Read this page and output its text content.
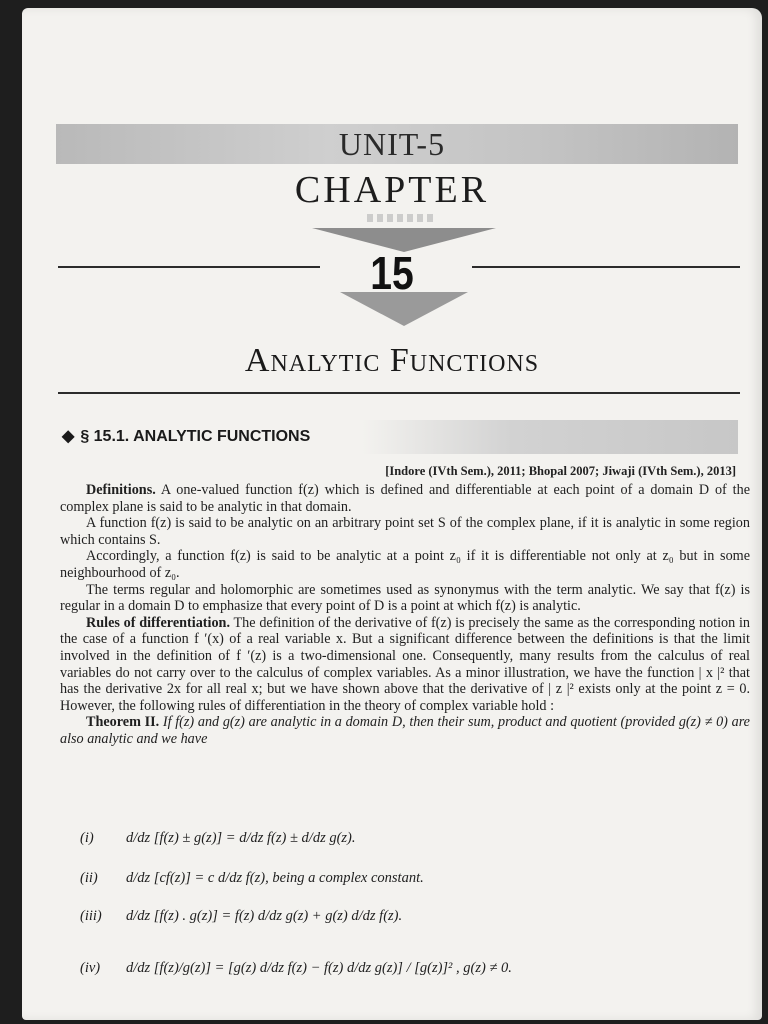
UNIT-5
CHAPTER
15
Analytic Functions
◆ § 15.1. ANALYTIC FUNCTIONS
[Indore (IVth Sem.), 2011; Bhopal 2007; Jiwaji (IVth Sem.), 2013]

Definitions. A one-valued function f(z) which is defined and differentiable at each point of a domain D of the complex plane is said to be analytic in that domain.

A function f(z) is said to be analytic on an arbitrary point set S of the complex plane, if it is analytic in some region which contains S.

Accordingly, a function f(z) is said to be analytic at a point z₀ if it is differentiable not only at z₀ but in some neighbourhood of z₀.

The terms regular and holomorphic are sometimes used as synonymus with the term analytic. We say that f(z) is regular in a domain D to emphasize that every point of D is a point at which f(z) is analytic.

Rules of differentiation. The definition of the derivative of f(z) is precisely the same as the corresponding notion in the case of a function f ′(x) of a real variable x. But a significant difference between the definitions is that the limit involved in the definition of f ′(z) is a two-dimensional one. Consequently, many results from the calculus of real variables do not carry over to the calculus of complex variables. As a minor illustration, we have the function | x |² that has the derivative 2x for all real x; but we have shown above that the derivative of | z |² exists only at the point z = 0. However, the following rules of differentiation in the theory of complex variable hold :

Theorem II. If f(z) and g(z) are analytic in a domain D, then their sum, product and quotient (provided g(z) ≠ 0) are also analytic and we have

(i) d/dz [f(z) ± g(z)] = d/dz f(z) ± d/dz g(z).
(ii) d/dz [cf(z)] = c d/dz f(z), being a complex constant.
(iii) d/dz [f(z) . g(z)] = f(z) d/dz g(z) + g(z) d/dz f(z).
(iv) d/dz [f(z)/g(z)] = [g(z) d/dz f(z) − f(z) d/dz g(z)] / [g(z)]² , g(z) ≠ 0.
